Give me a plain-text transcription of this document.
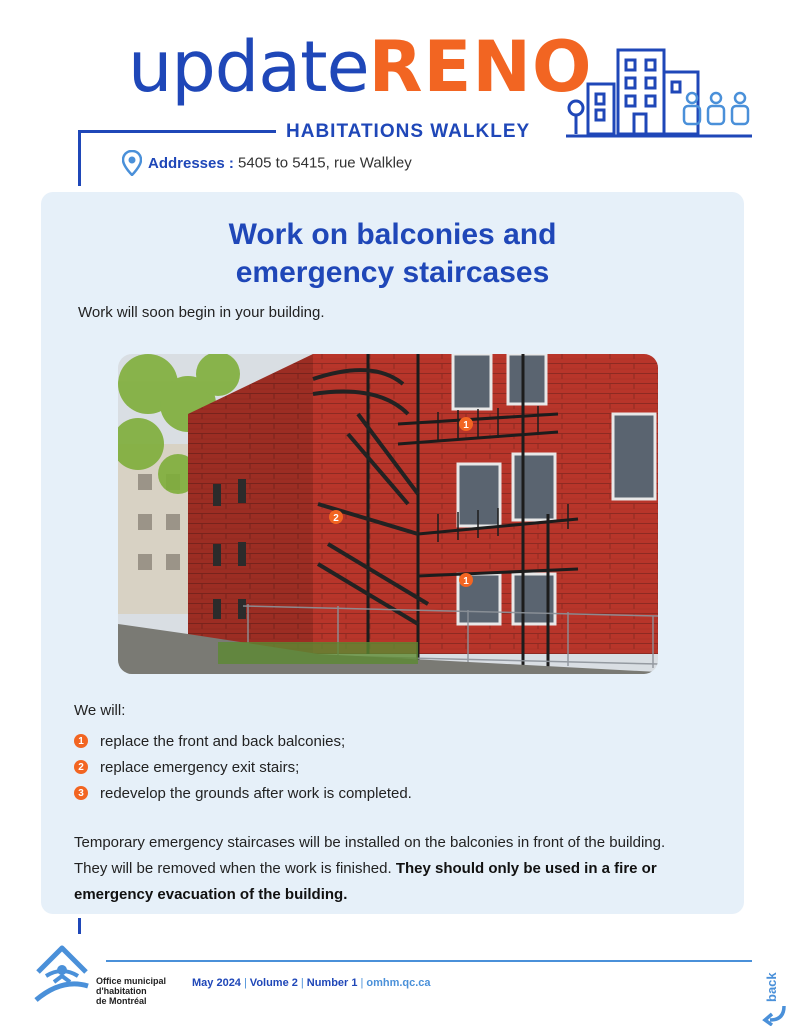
updateRENO
HABITATIONS WALKLEY
Addresses : 5405 to 5415, rue Walkley
Work on balconies and
emergency staircases
Work will soon begin in your building.
1
2
1
We will:
1 replace the front and back balconies;
2 replace emergency exit stairs;
3 redevelop the grounds after work is completed.
Temporary emergency staircases will be installed on the balconies in front of the building. They will be removed when the work is finished. They should only be used in a fire or emergency evacuation of the building.
Office municipal
d'habitation
de Montréal
May 2024 | Volume 2 | Number 1 | omhm.qc.ca	back
